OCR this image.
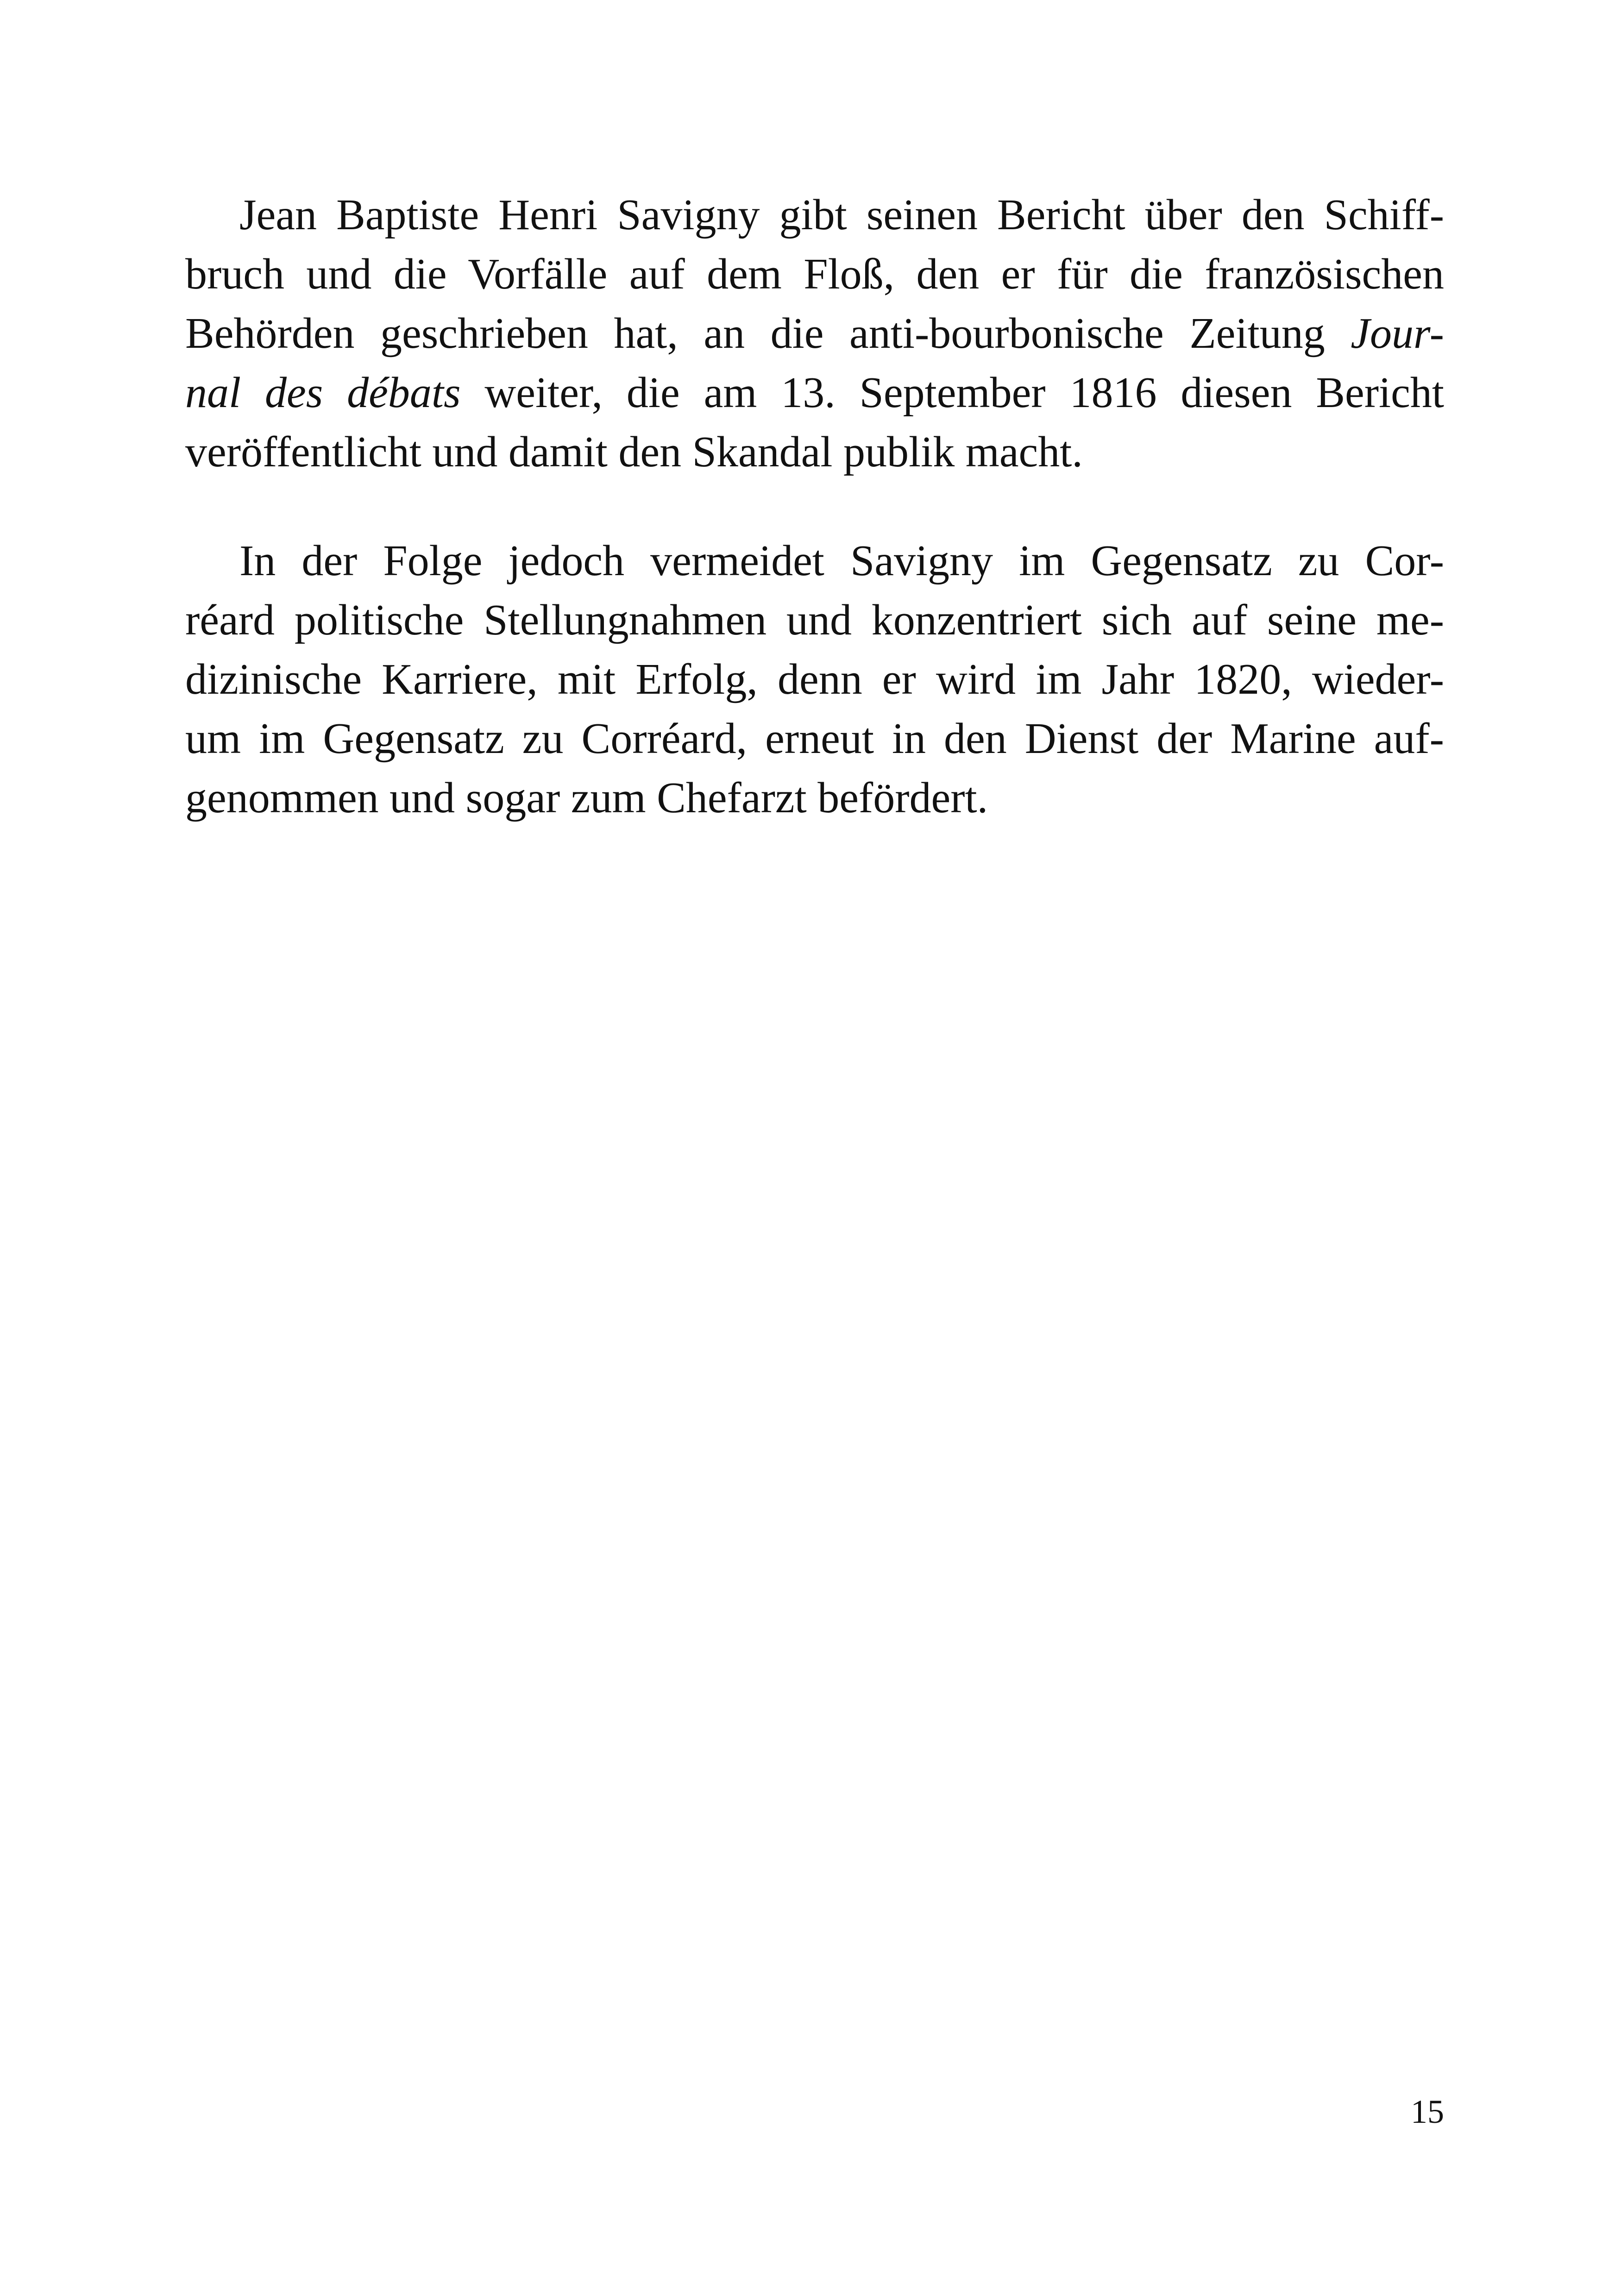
Jean Baptiste Henri Savigny gibt seinen Bericht über den Schiff-
bruch und die Vorfälle auf dem Floß, den er für die französischen
Behörden geschrieben hat, an die anti-bourbonische Zeitung Jour-
nal des débats weiter, die am 13. September 1816 diesen Bericht
veröffentlicht und damit den Skandal publik macht.
In der Folge jedoch vermeidet Savigny im Gegensatz zu Cor-
réard politische Stellungnahmen und konzentriert sich auf seine me-
dizinische Karriere, mit Erfolg, denn er wird im Jahr 1820, wieder-
um im Gegensatz zu Corréard, erneut in den Dienst der Marine auf-
genommen und sogar zum Chefarzt befördert.
15
